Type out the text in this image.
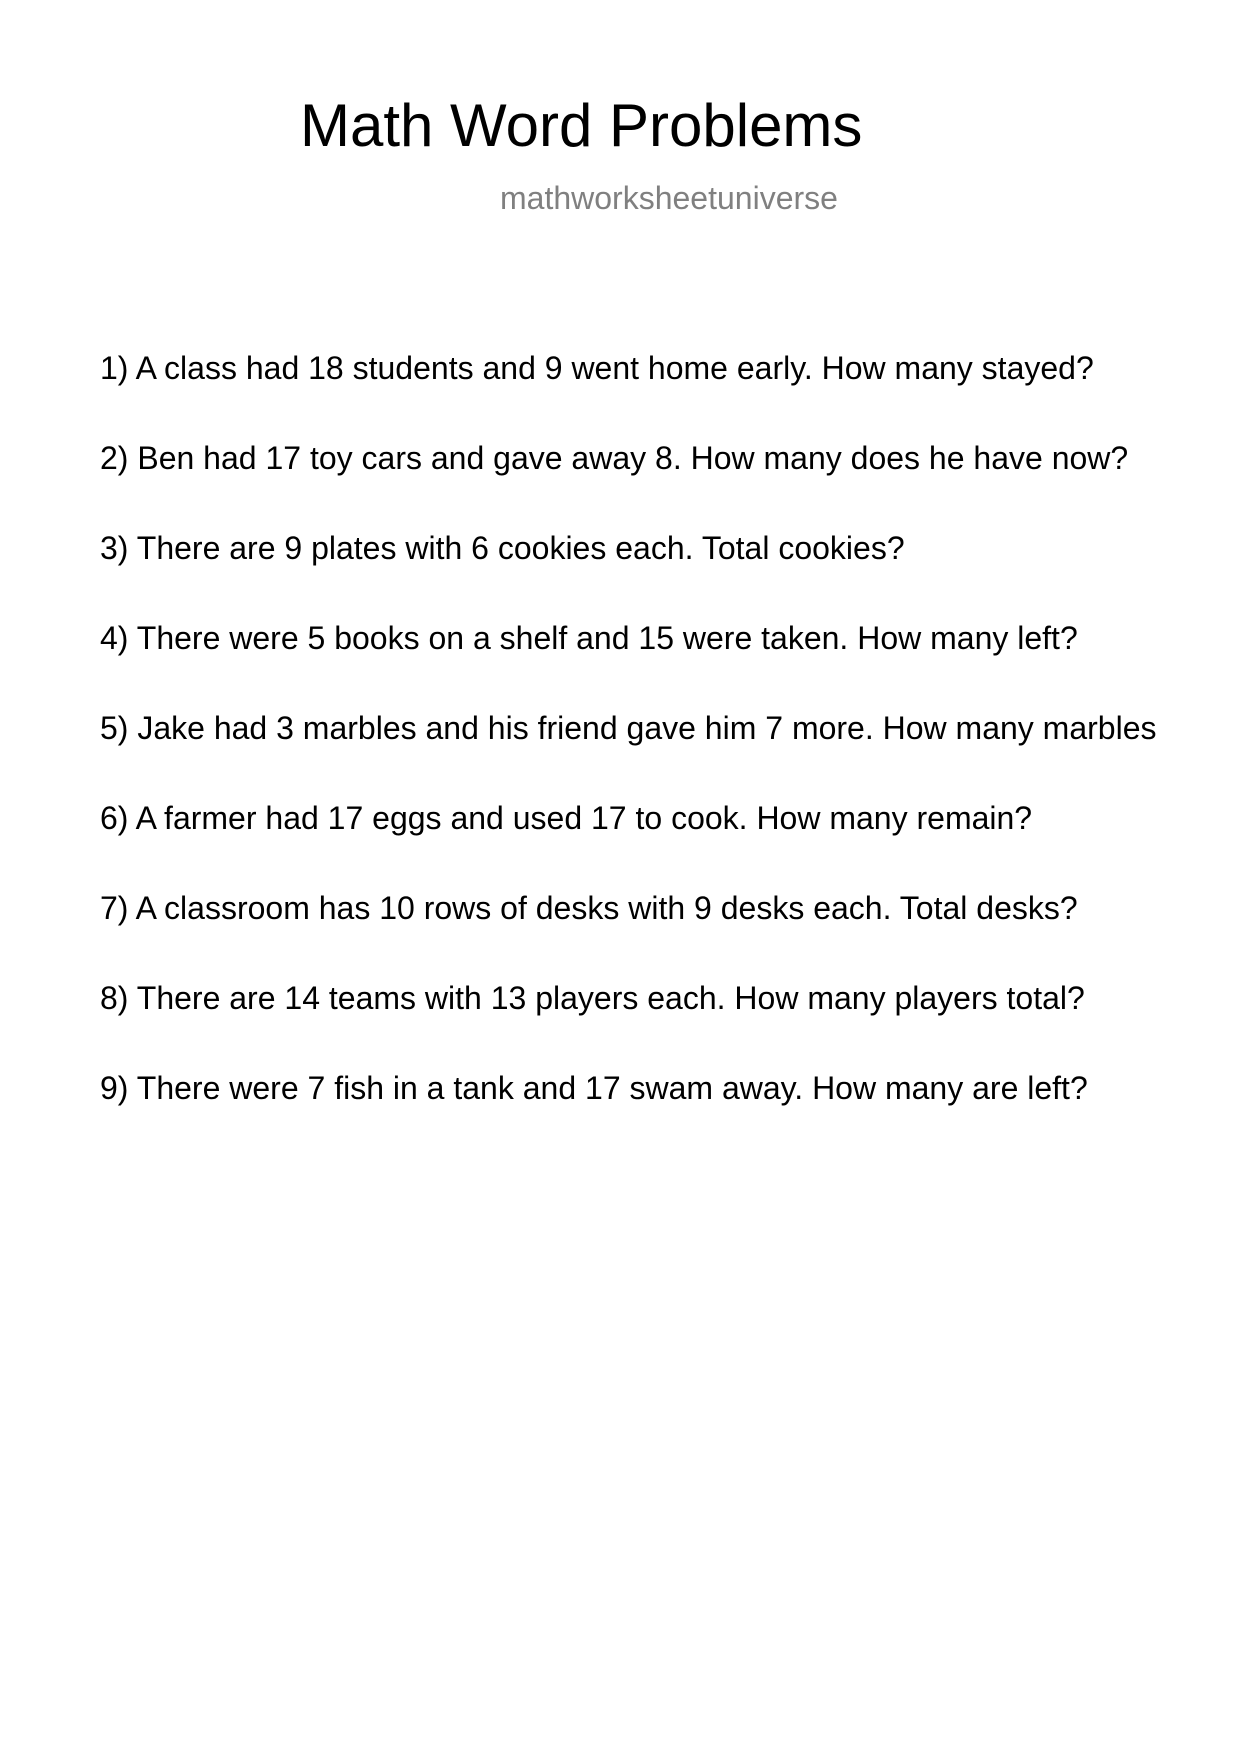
Math Word Problems
mathworksheetuniverse
1) A class had 18 students and 9 went home early. How many stayed?
2) Ben had 17 toy cars and gave away 8. How many does he have now?
3) There are 9 plates with 6 cookies each. Total cookies?
4) There were 5 books on a shelf and 15 were taken. How many left?
5) Jake had 3 marbles and his friend gave him 7 more. How many marbles
6) A farmer had 17 eggs and used 17 to cook. How many remain?
7) A classroom has 10 rows of desks with 9 desks each. Total desks?
8) There are 14 teams with 13 players each. How many players total?
9) There were 7 fish in a tank and 17 swam away. How many are left?
